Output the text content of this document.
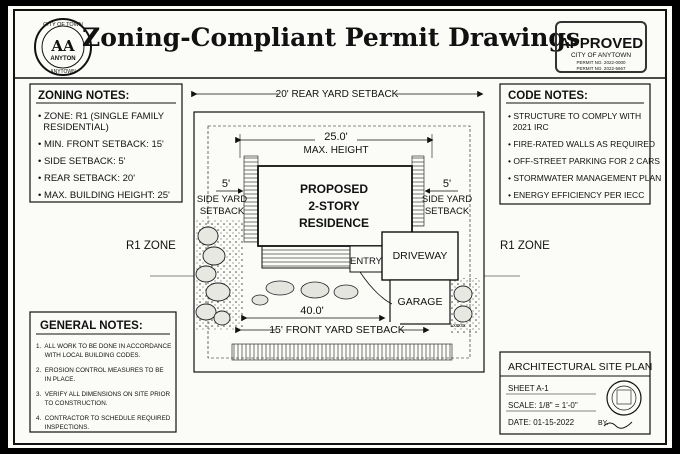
Zoning-Compliant Permit Drawings
CITY OF TOWN
AA
ANYTON
ANYTOWN
APPROVED
CITY OF ANYTOWN
PERMIT NO. 2022-0000
PERMIT NO. 2022-5667
ZONING NOTES:
• ZONE: R1 (SINGLE FAMILY
RESIDENTIAL)
• MIN. FRONT SETBACK: 15'
• SIDE SETBACK: 5'
• REAR SETBACK: 20'
• MAX. BUILDING HEIGHT: 25'
CODE NOTES:
• STRUCTURE TO COMPLY WITH
2021 IRC
• FIRE-RATED WALLS AS REQUIRED
• OFF-STREET PARKING FOR 2 CARS
• STORMWATER MANAGEMENT PLAN
• ENERGY EFFICIENCY PER IECC
20' REAR YARD SETBACK
25.0'
MAX. HEIGHT
PROPOSED
2-STORY
RESIDENCE
5'
SIDE YARD
SETBACK
5'
SIDE YARD
SETBACK
ENTRY DRIVEWAY
GARAGE
Lxxxxx
40.0'
15' FRONT YARD SETBACK
R1 ZONE	R1 ZONE
GENERAL NOTES:
1.  ALL WORK TO BE DONE IN ACCORDANCE
WITH LOCAL BUILDING CODES.
2.  EROSION CONTROL MEASURES TO BE
IN PLACE.
3.  VERIFY ALL DIMENSIONS ON SITE PRIOR
TO CONSTRUCTION.
4.  CONTRACTOR TO SCHEDULE REQUIRED
INSPECTIONS.
ARCHITECTURAL SITE PLAN
SHEET A-1
SCALE: 1/8" = 1'-0"
DATE: 01-15-2022	BY.
